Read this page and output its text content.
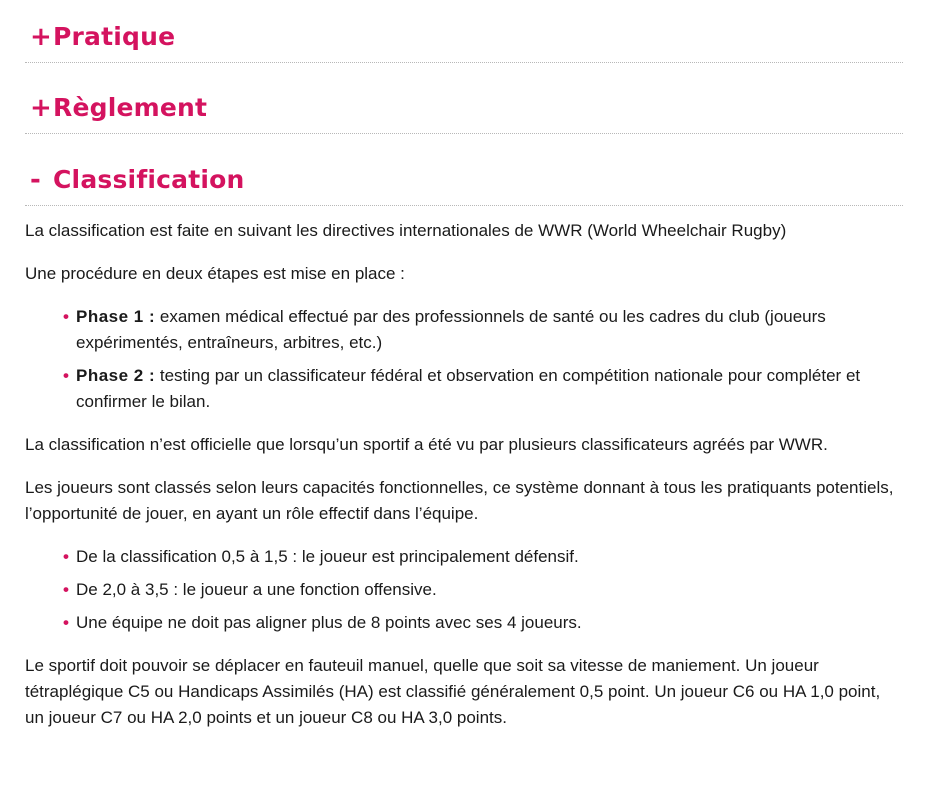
+ Pratique
+ Règlement
- Classification

La classification est faite en suivant les directives internationales de WWR (World Wheelchair Rugby)

Une procédure en deux étapes est mise en place :

• Phase 1 : examen médical effectué par des professionnels de santé ou les cadres du club (joueurs expérimentés, entraîneurs, arbitres, etc.)
• Phase 2 : testing par un classificateur fédéral et observation en compétition nationale pour compléter et confirmer le bilan.

La classification n’est officielle que lorsqu’un sportif a été vu par plusieurs classificateurs agréés par WWR.

Les joueurs sont classés selon leurs capacités fonctionnelles, ce système donnant à tous les pratiquants potentiels, l’opportunité de jouer, en ayant un rôle effectif dans l’équipe.

• De la classification 0,5 à 1,5 : le joueur est principalement défensif.
• De 2,0 à 3,5 : le joueur a une fonction offensive.
• Une équipe ne doit pas aligner plus de 8 points avec ses 4 joueurs.

Le sportif doit pouvoir se déplacer en fauteuil manuel, quelle que soit sa vitesse de maniement. Un joueur tétraplégique C5 ou Handicaps Assimilés (HA) est classifié généralement 0,5 point. Un joueur C6 ou HA 1,0 point, un joueur C7 ou HA 2,0 points et un joueur C8 ou HA 3,0 points.
